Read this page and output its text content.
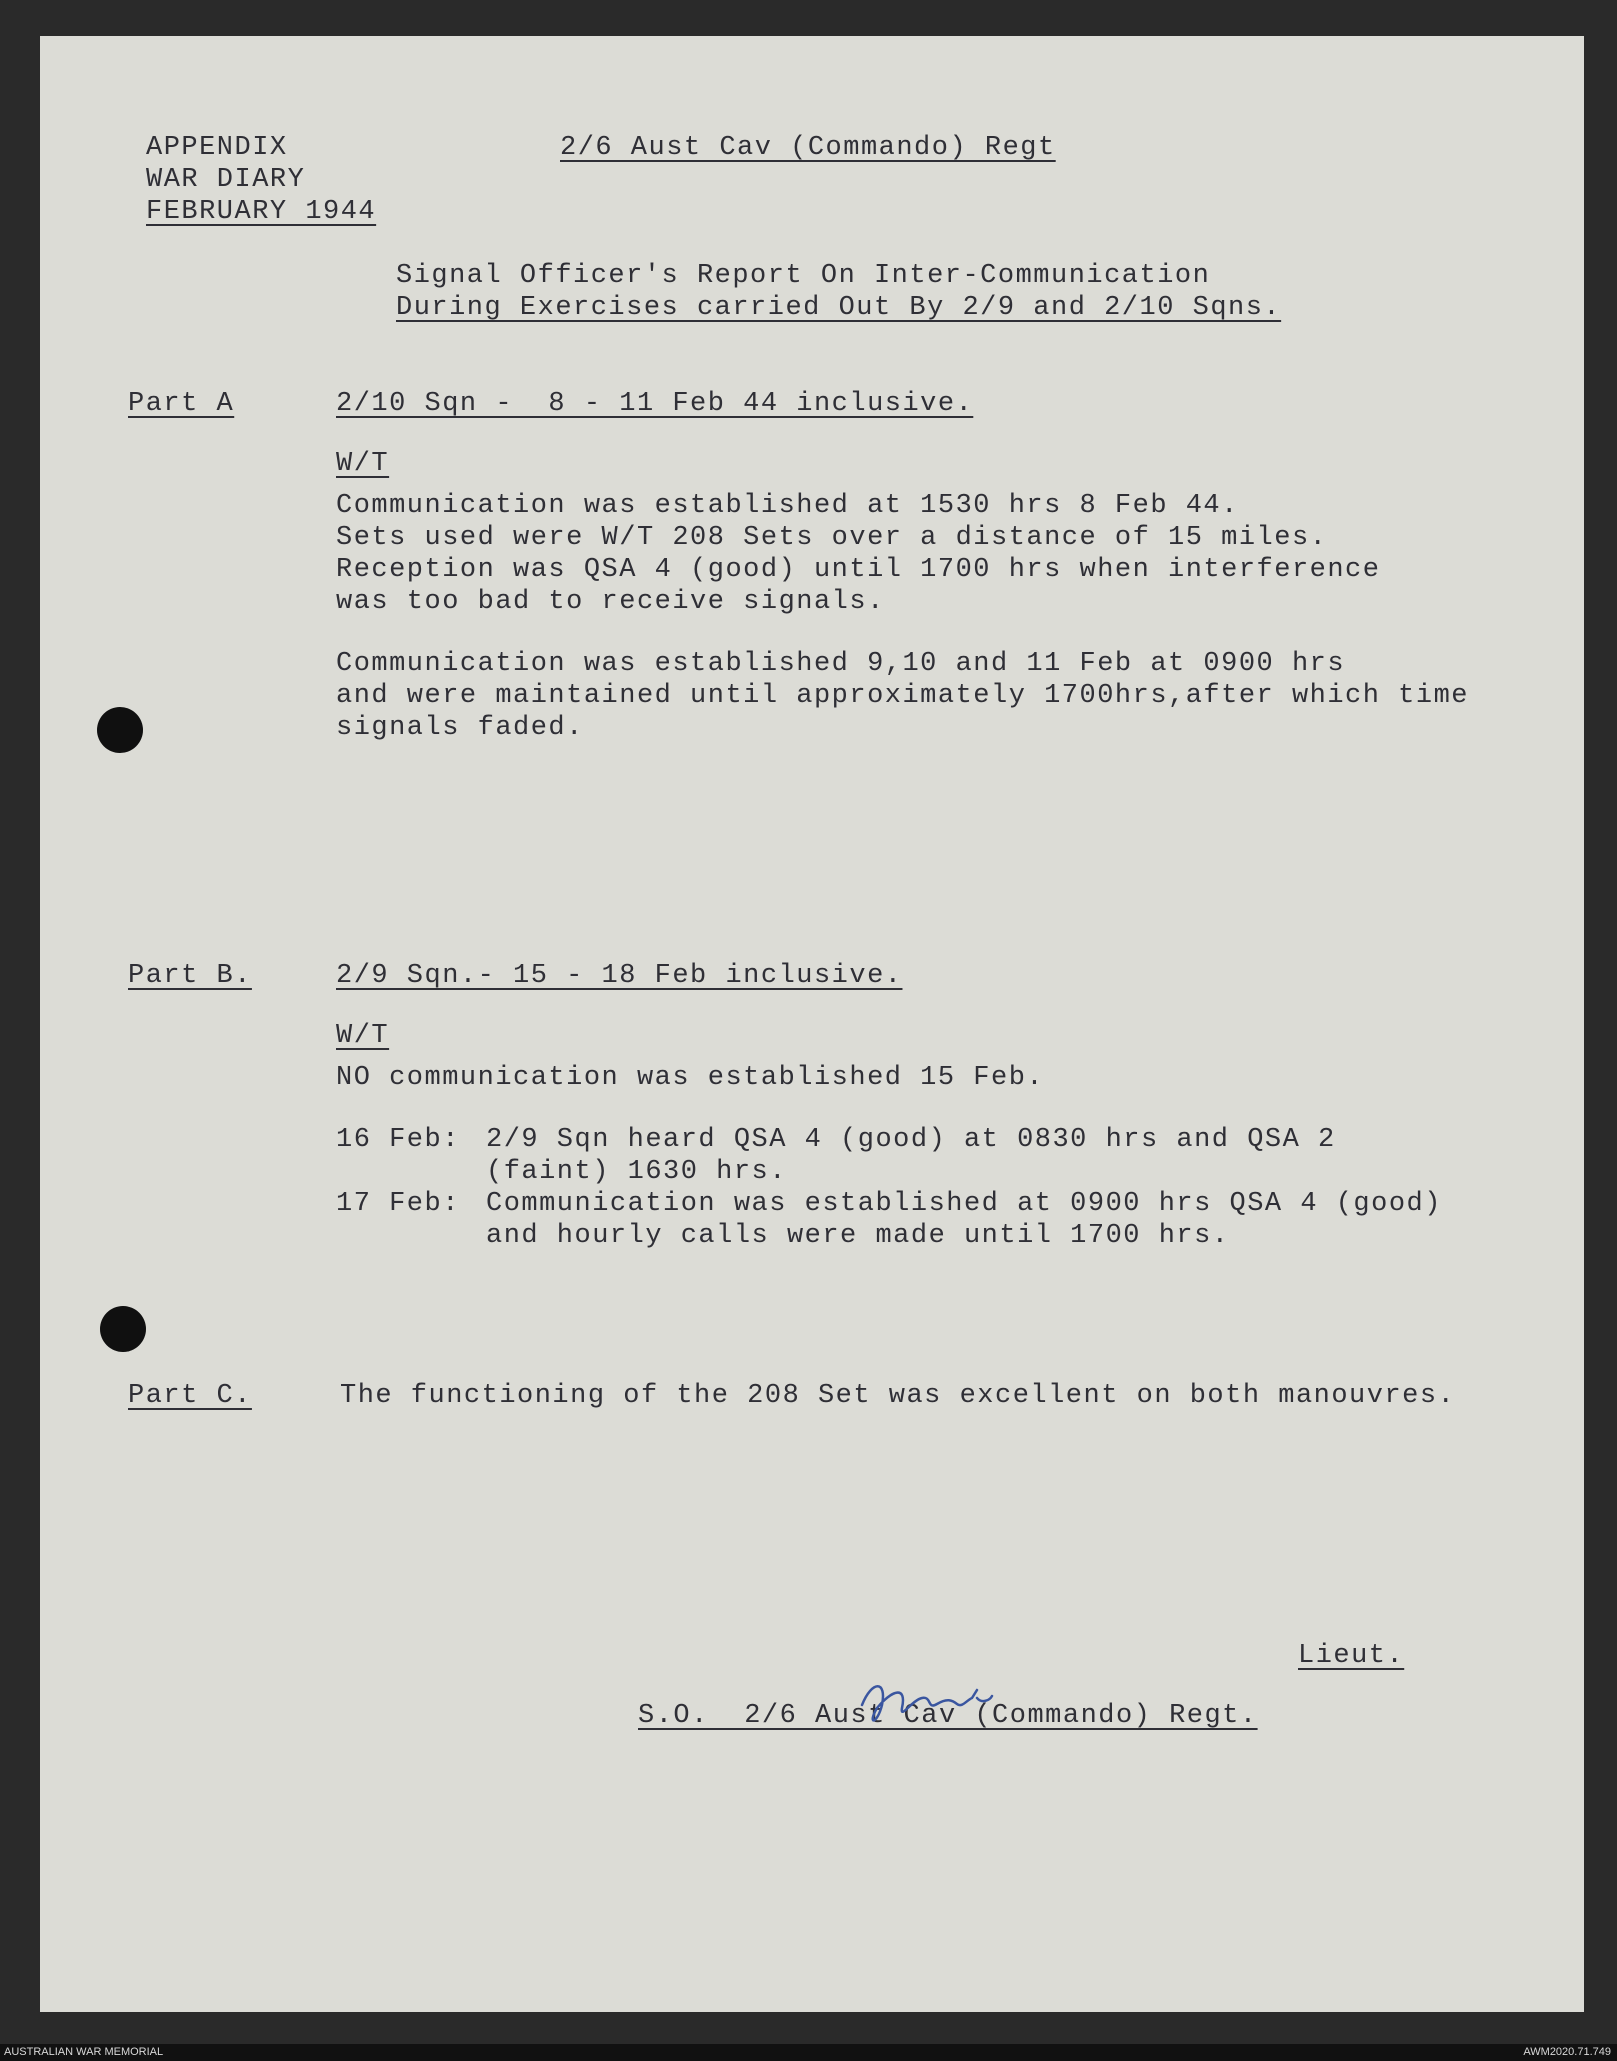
APPENDIX
WAR DIARY
FEBRUARY 1944
2/6 Aust Cav (Commando) Regt
Signal Officer's Report On Inter-Communication
During Exercises carried Out By 2/9 and 2/10 Sqns.
Part A	2/10 Sqn -  8 - 11 Feb 44 inclusive.
W/T
Communication was established at 1530 hrs 8 Feb 44.
Sets used were W/T 208 Sets over a distance of 15 miles.
Reception was QSA 4 (good) until 1700 hrs when interference
was too bad to receive signals.
Communication was established 9,10 and 11 Feb at 0900 hrs
and were maintained until approximately 1700hrs,after which time
signals faded.
Part B.	2/9 Sqn.- 15 - 18 Feb inclusive.
W/T
NO communication was established 15 Feb.
16 Feb: 2/9 Sqn heard QSA 4 (good) at 0830 hrs and QSA 2
(faint) 1630 hrs.
17 Feb: Communication was established at 0900 hrs QSA 4 (good)
and hourly calls were made until 1700 hrs.
Part C.	The functioning of the 208 Set was excellent on both manouvres.
Lieut.
S.O.  2/6 Aust Cav (Commando) Regt.
AUSTRALIAN WAR MEMORIAL	AWM2020.71.749
